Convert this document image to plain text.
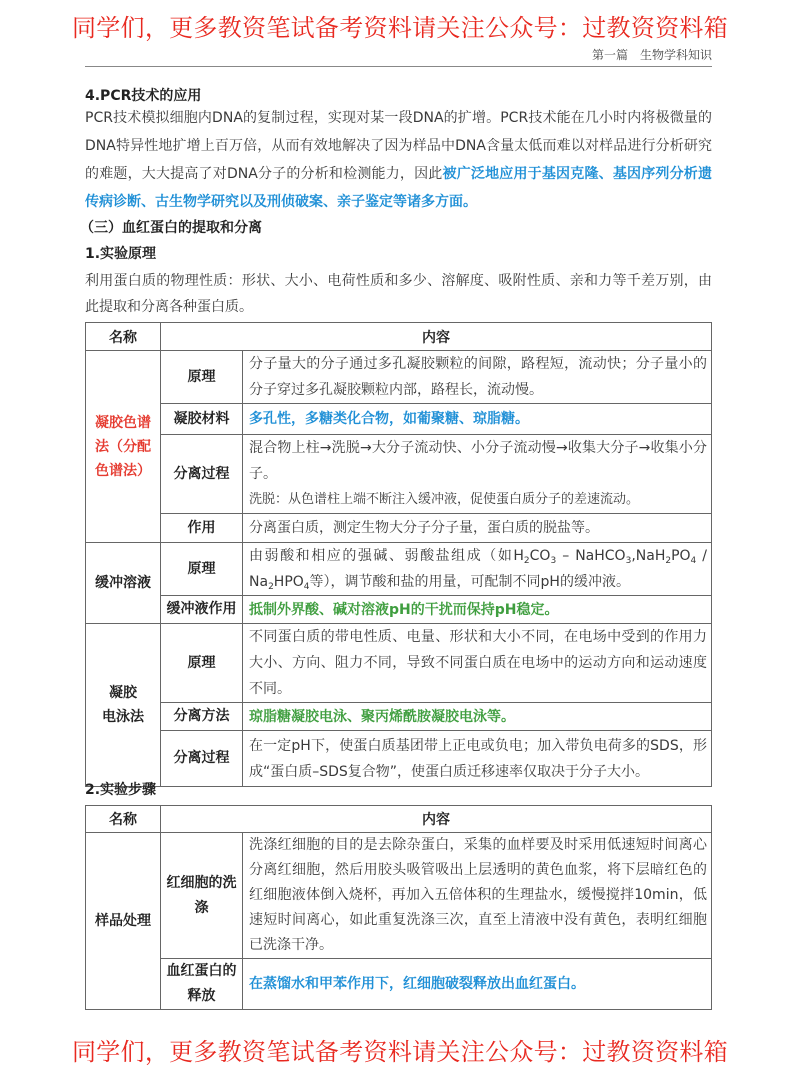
同学们，更多教资笔试备考资料请关注公众号：过教资资料箱
第一篇　生物学科知识
4.PCR技术的应用
PCR技术模拟细胞内DNA的复制过程，实现对某一段DNA的扩增。PCR技术能在几小时内将极微量的DNA特异性地扩增上百万倍，从而有效地解决了因为样品中DNA含量太低而难以对样品进行分析研究的难题，大大提高了对DNA分子的分析和检测能力，因此被广泛地应用于基因克隆、基因序列分析遗传病诊断、古生物学研究以及刑侦破案、亲子鉴定等诸多方面。
（三）血红蛋白的提取和分离
1.实验原理
利用蛋白质的物理性质：形状、大小、电荷性质和多少、溶解度、吸附性质、亲和力等千差万别，由此提取和分离各种蛋白质。
名称	内容	
凝胶色谱法（分配色谱法）	原理	分子量大的分子通过多孔凝胶颗粒的间隙，路程短，流动快；分子量小的分子穿过多孔凝胶颗粒内部，路程长，流动慢。
	凝胶材料	多孔性，多糖类化合物，如葡聚糖、琼脂糖。
	分离过程	混合物上柱→洗脱→大分子流动快、小分子流动慢→收集大分子→收集小分子。
洗脱：从色谱柱上端不断注入缓冲液，促使蛋白质分子的差速流动。

	作用	分离蛋白质，测定生物大分子分子量，蛋白质的脱盐等。
缓冲溶液	原理	由弱酸和相应的强碱、弱酸盐组成（如$H_2CO_3$ – $NaHCO_3,NaH_2PO_4 / Na_2HPO_4$等），调节酸和盐的用量，可配制不同pH的缓冲液。
	缓冲液作用	抵制外界酸、碱对溶液pH的干扰而保持pH稳定。

凝胶
电泳法	原理	不同蛋白质的带电性质、电量、形状和大小不同，在电场中受到的作用力大小、方向、阻力不同，导致不同蛋白质在电场中的运动方向和运动速度不同。
	分离方法	琼脂糖凝胶电泳、聚丙烯酰胺凝胶电泳等。
	分离过程	在一定pH下，使蛋白质基团带上正电或负电；加入带负电荷多的SDS，形成“蛋白质–SDS复合物”，使蛋白质迁移速率仅取决于分子大小。
2.实验步骤
名称	内容	
样品处理	红细胞的洗涤	洗涤红细胞的目的是去除杂蛋白，采集的血样要及时采用低速短时间离心分离红细胞，然后用胶头吸管吸出上层透明的黄色血浆，将下层暗红色的红细胞液体倒入烧杯，再加入五倍体积的生理盐水，缓慢搅拌10min，低速短时间离心，如此重复洗涤三次，直至上清液中没有黄色，表明红细胞已洗涤干净。
	血红蛋白的释放	在蒸馏水和甲苯作用下，红细胞破裂释放出血红蛋白。
同学们，更多教资笔试备考资料请关注公众号：过教资资料箱
